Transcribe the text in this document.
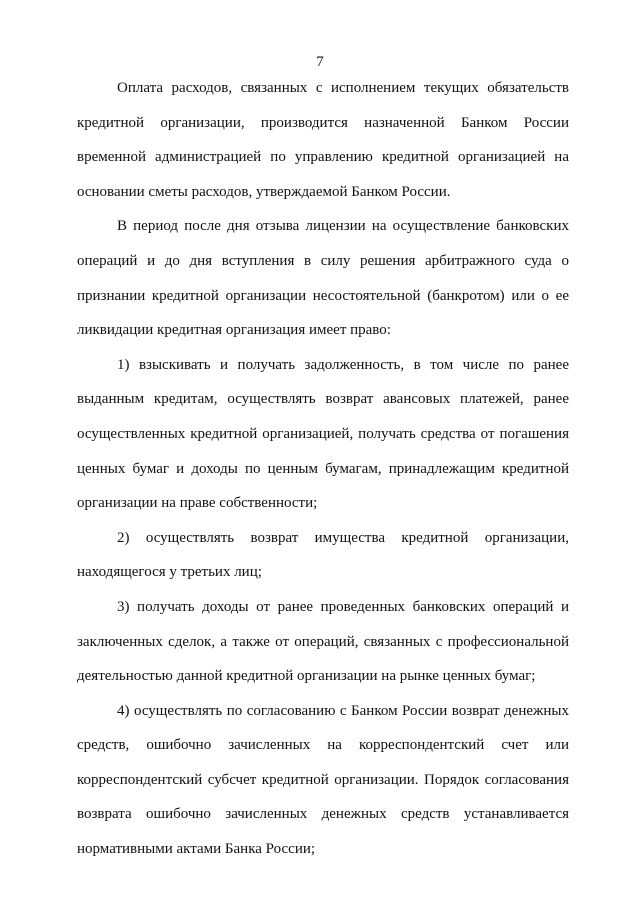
7

Оплата расходов, связанных с исполнением текущих обязательств кредитной организации, производится назначенной Банком России временной администрацией по управлению кредитной организацией на основании сметы расходов, утверждаемой Банком России.

В период после дня отзыва лицензии на осуществление банковских операций и до дня вступления в силу решения арбитражного суда о признании кредитной организации несостоятельной (банкротом) или о ее ликвидации кредитная организация имеет право:

1) взыскивать и получать задолженность, в том числе по ранее выданным кредитам, осуществлять возврат авансовых платежей, ранее осуществленных кредитной организацией, получать средства от погашения ценных бумаг и доходы по ценным бумагам, принадлежащим кредитной организации на праве собственности;

2) осуществлять возврат имущества кредитной организации, находящегося у третьих лиц;

3) получать доходы от ранее проведенных банковских операций и заключенных сделок, а также от операций, связанных с профессиональной деятельностью данной кредитной организации на рынке ценных бумаг;

4) осуществлять по согласованию с Банком России возврат денежных средств, ошибочно зачисленных на корреспондентский счет или корреспондентский субсчет кредитной организации. Порядок согласования возврата ошибочно зачисленных денежных средств устанавливается нормативными актами Банка России;
